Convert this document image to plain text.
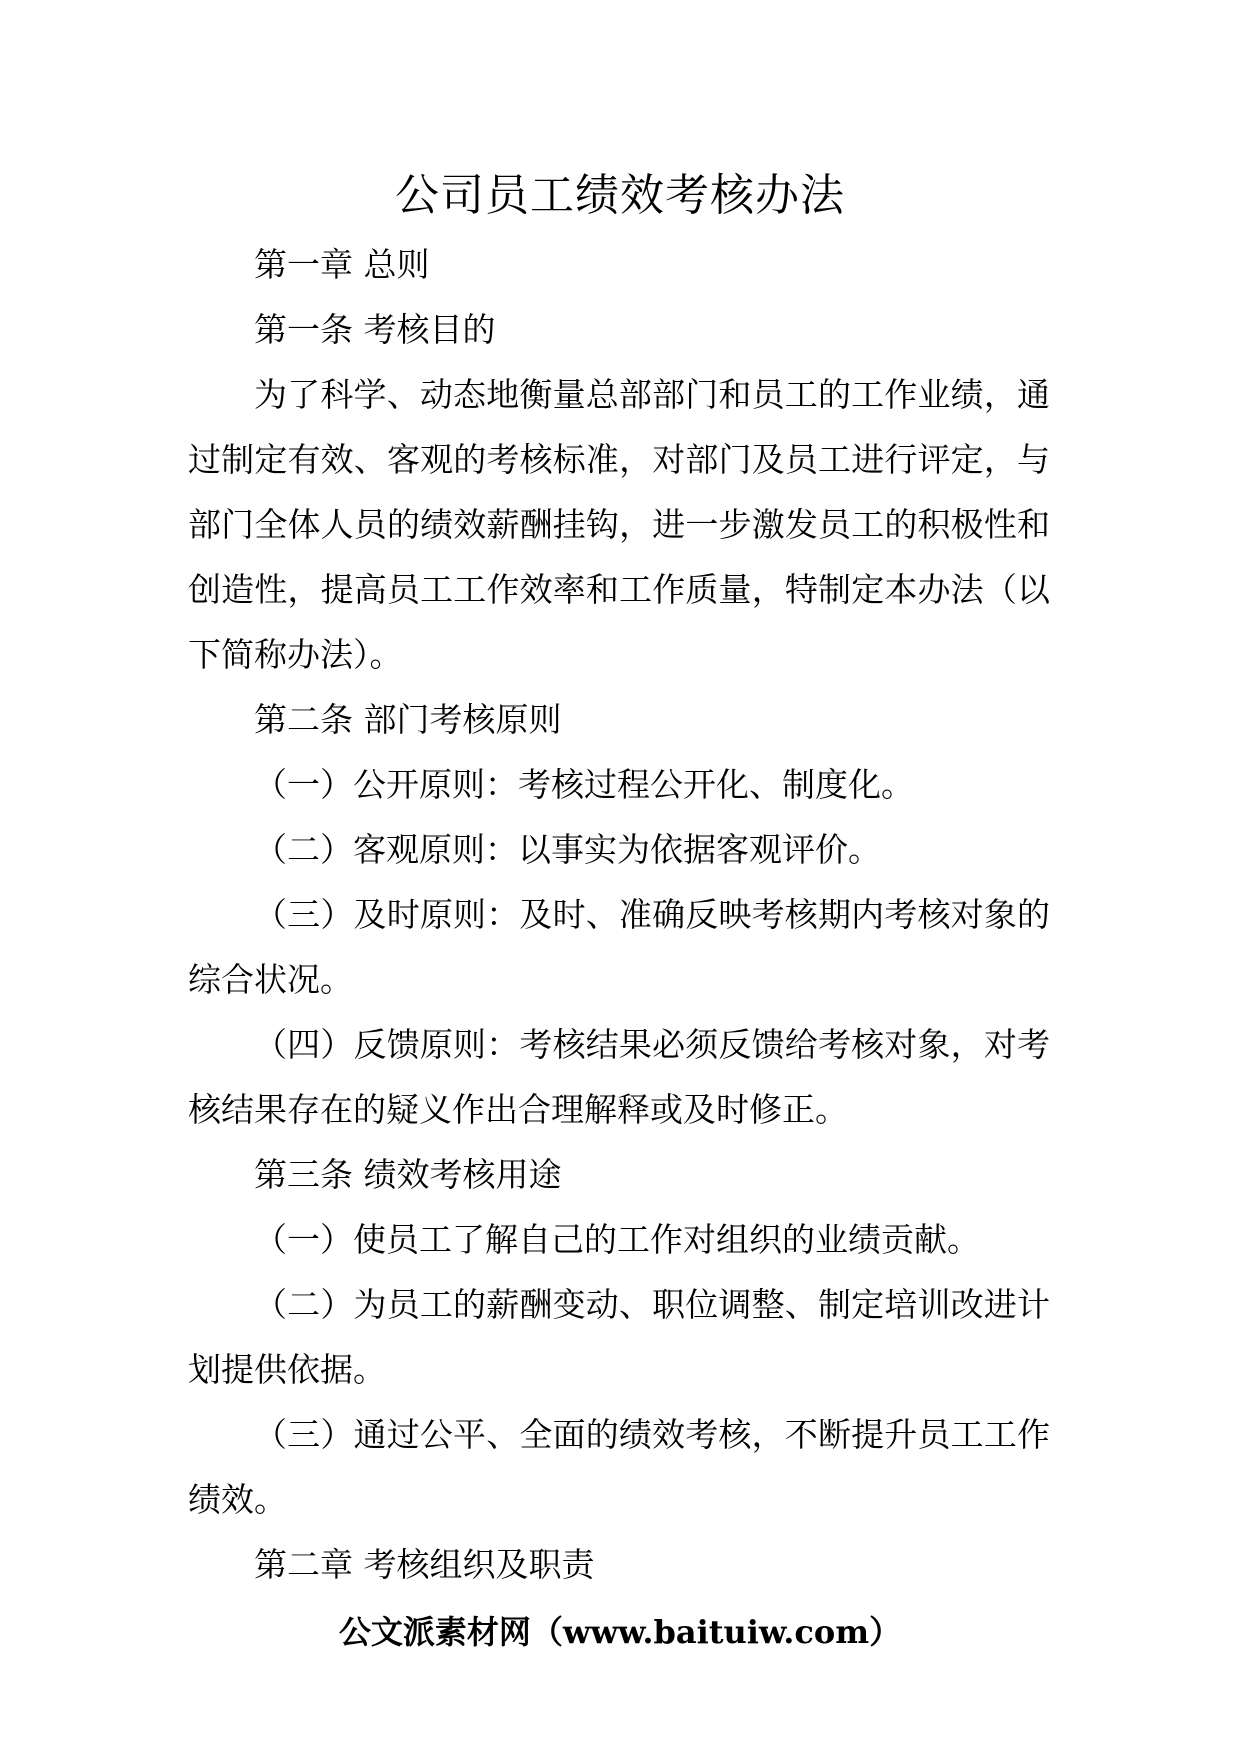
公司员工绩效考核办法

第一章 总则

第一条 考核目的

为了科学、动态地衡量总部部门和员工的工作业绩，通过制定有效、客观的考核标准，对部门及员工进行评定，与部门全体人员的绩效薪酬挂钩，进一步激发员工的积极性和创造性，提高员工工作效率和工作质量，特制定本办法（以下简称办法）。

第二条 部门考核原则

（一）公开原则：考核过程公开化、制度化。

（二）客观原则：以事实为依据客观评价。

（三）及时原则：及时、准确反映考核期内考核对象的综合状况。

（四）反馈原则：考核结果必须反馈给考核对象，对考核结果存在的疑义作出合理解释或及时修正。

第三条 绩效考核用途

（一）使员工了解自己的工作对组织的业绩贡献。

（二）为员工的薪酬变动、职位调整、制定培训改进计划提供依据。

（三）通过公平、全面的绩效考核，不断提升员工工作绩效。

第二章 考核组织及职责

公文派素材网（www.baituiw.com）
